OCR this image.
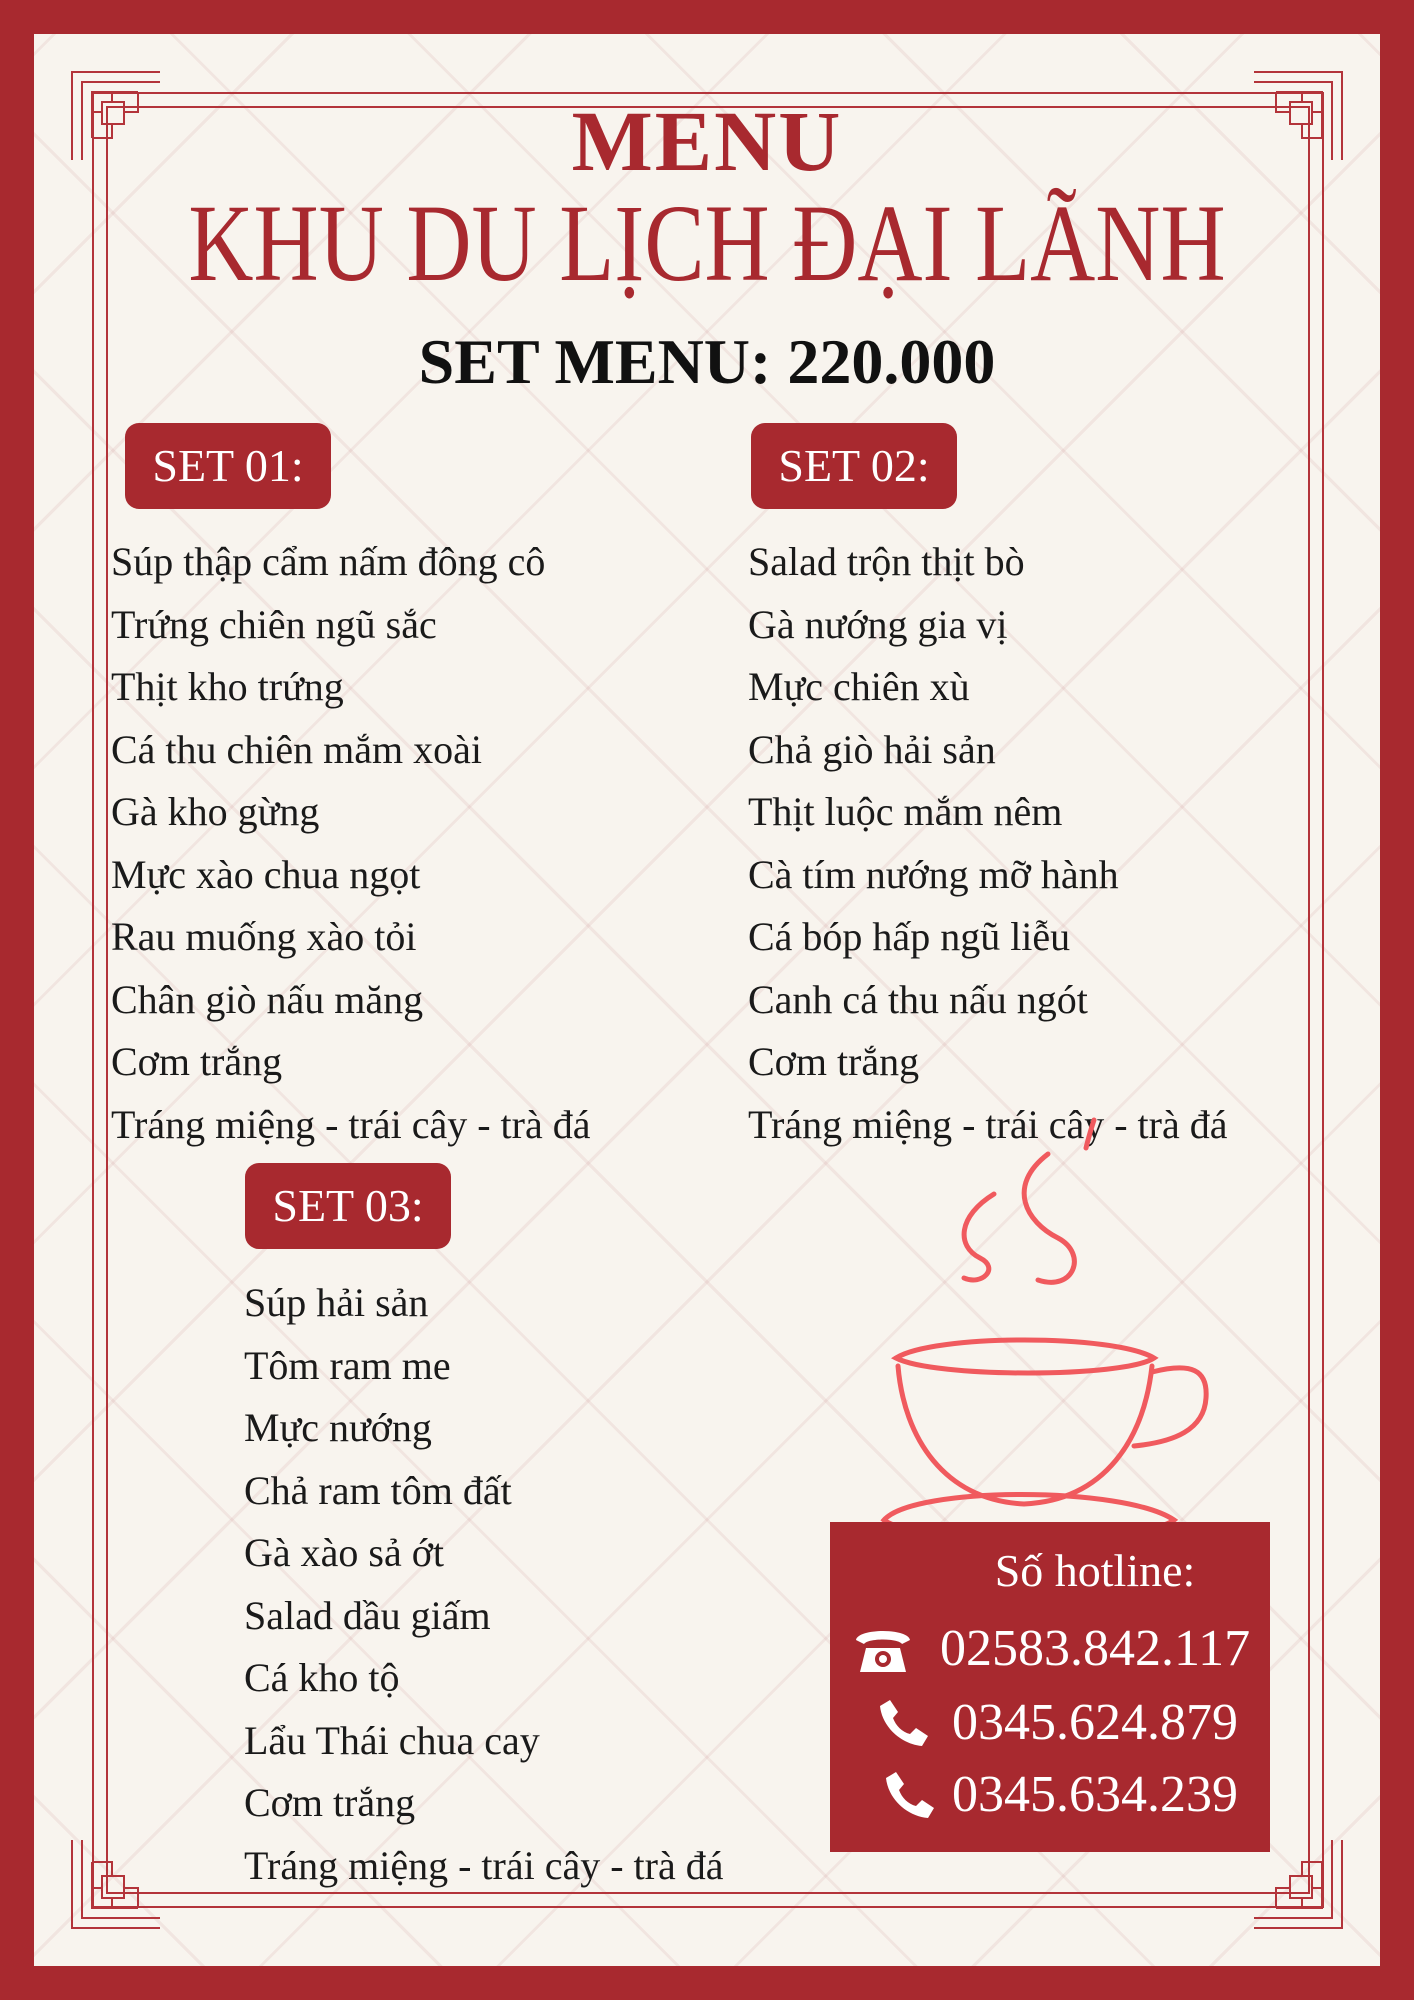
MENU
KHU DU LỊCH ĐẠI LÃNH
SET MENU: 220.000
SET 01:
Súp thập cẩm nấm đông cô
Trứng chiên ngũ sắc
Thịt kho trứng
Cá thu chiên mắm xoài
Gà kho gừng
Mực xào chua ngọt
Rau muống xào tỏi
Chân giò nấu măng
Cơm trắng
Tráng miệng - trái cây - trà đá
SET 02:
Salad trộn thịt bò
Gà nướng gia vị
Mực chiên xù
Chả giò hải sản
Thịt luộc mắm nêm
Cà tím nướng mỡ hành
Cá bóp hấp ngũ liễu
Canh cá thu nấu ngót
Cơm trắng
Tráng miệng - trái cây - trà đá
SET 03:
Súp hải sản
Tôm ram me
Mực nướng
Chả ram tôm đất
Gà xào sả ớt
Salad dầu giấm
Cá kho tộ
Lẩu Thái chua cay
Cơm trắng
Tráng miệng - trái cây - trà đá
Số hotline:
02583.842.117
0345.624.879
0345.634.239
